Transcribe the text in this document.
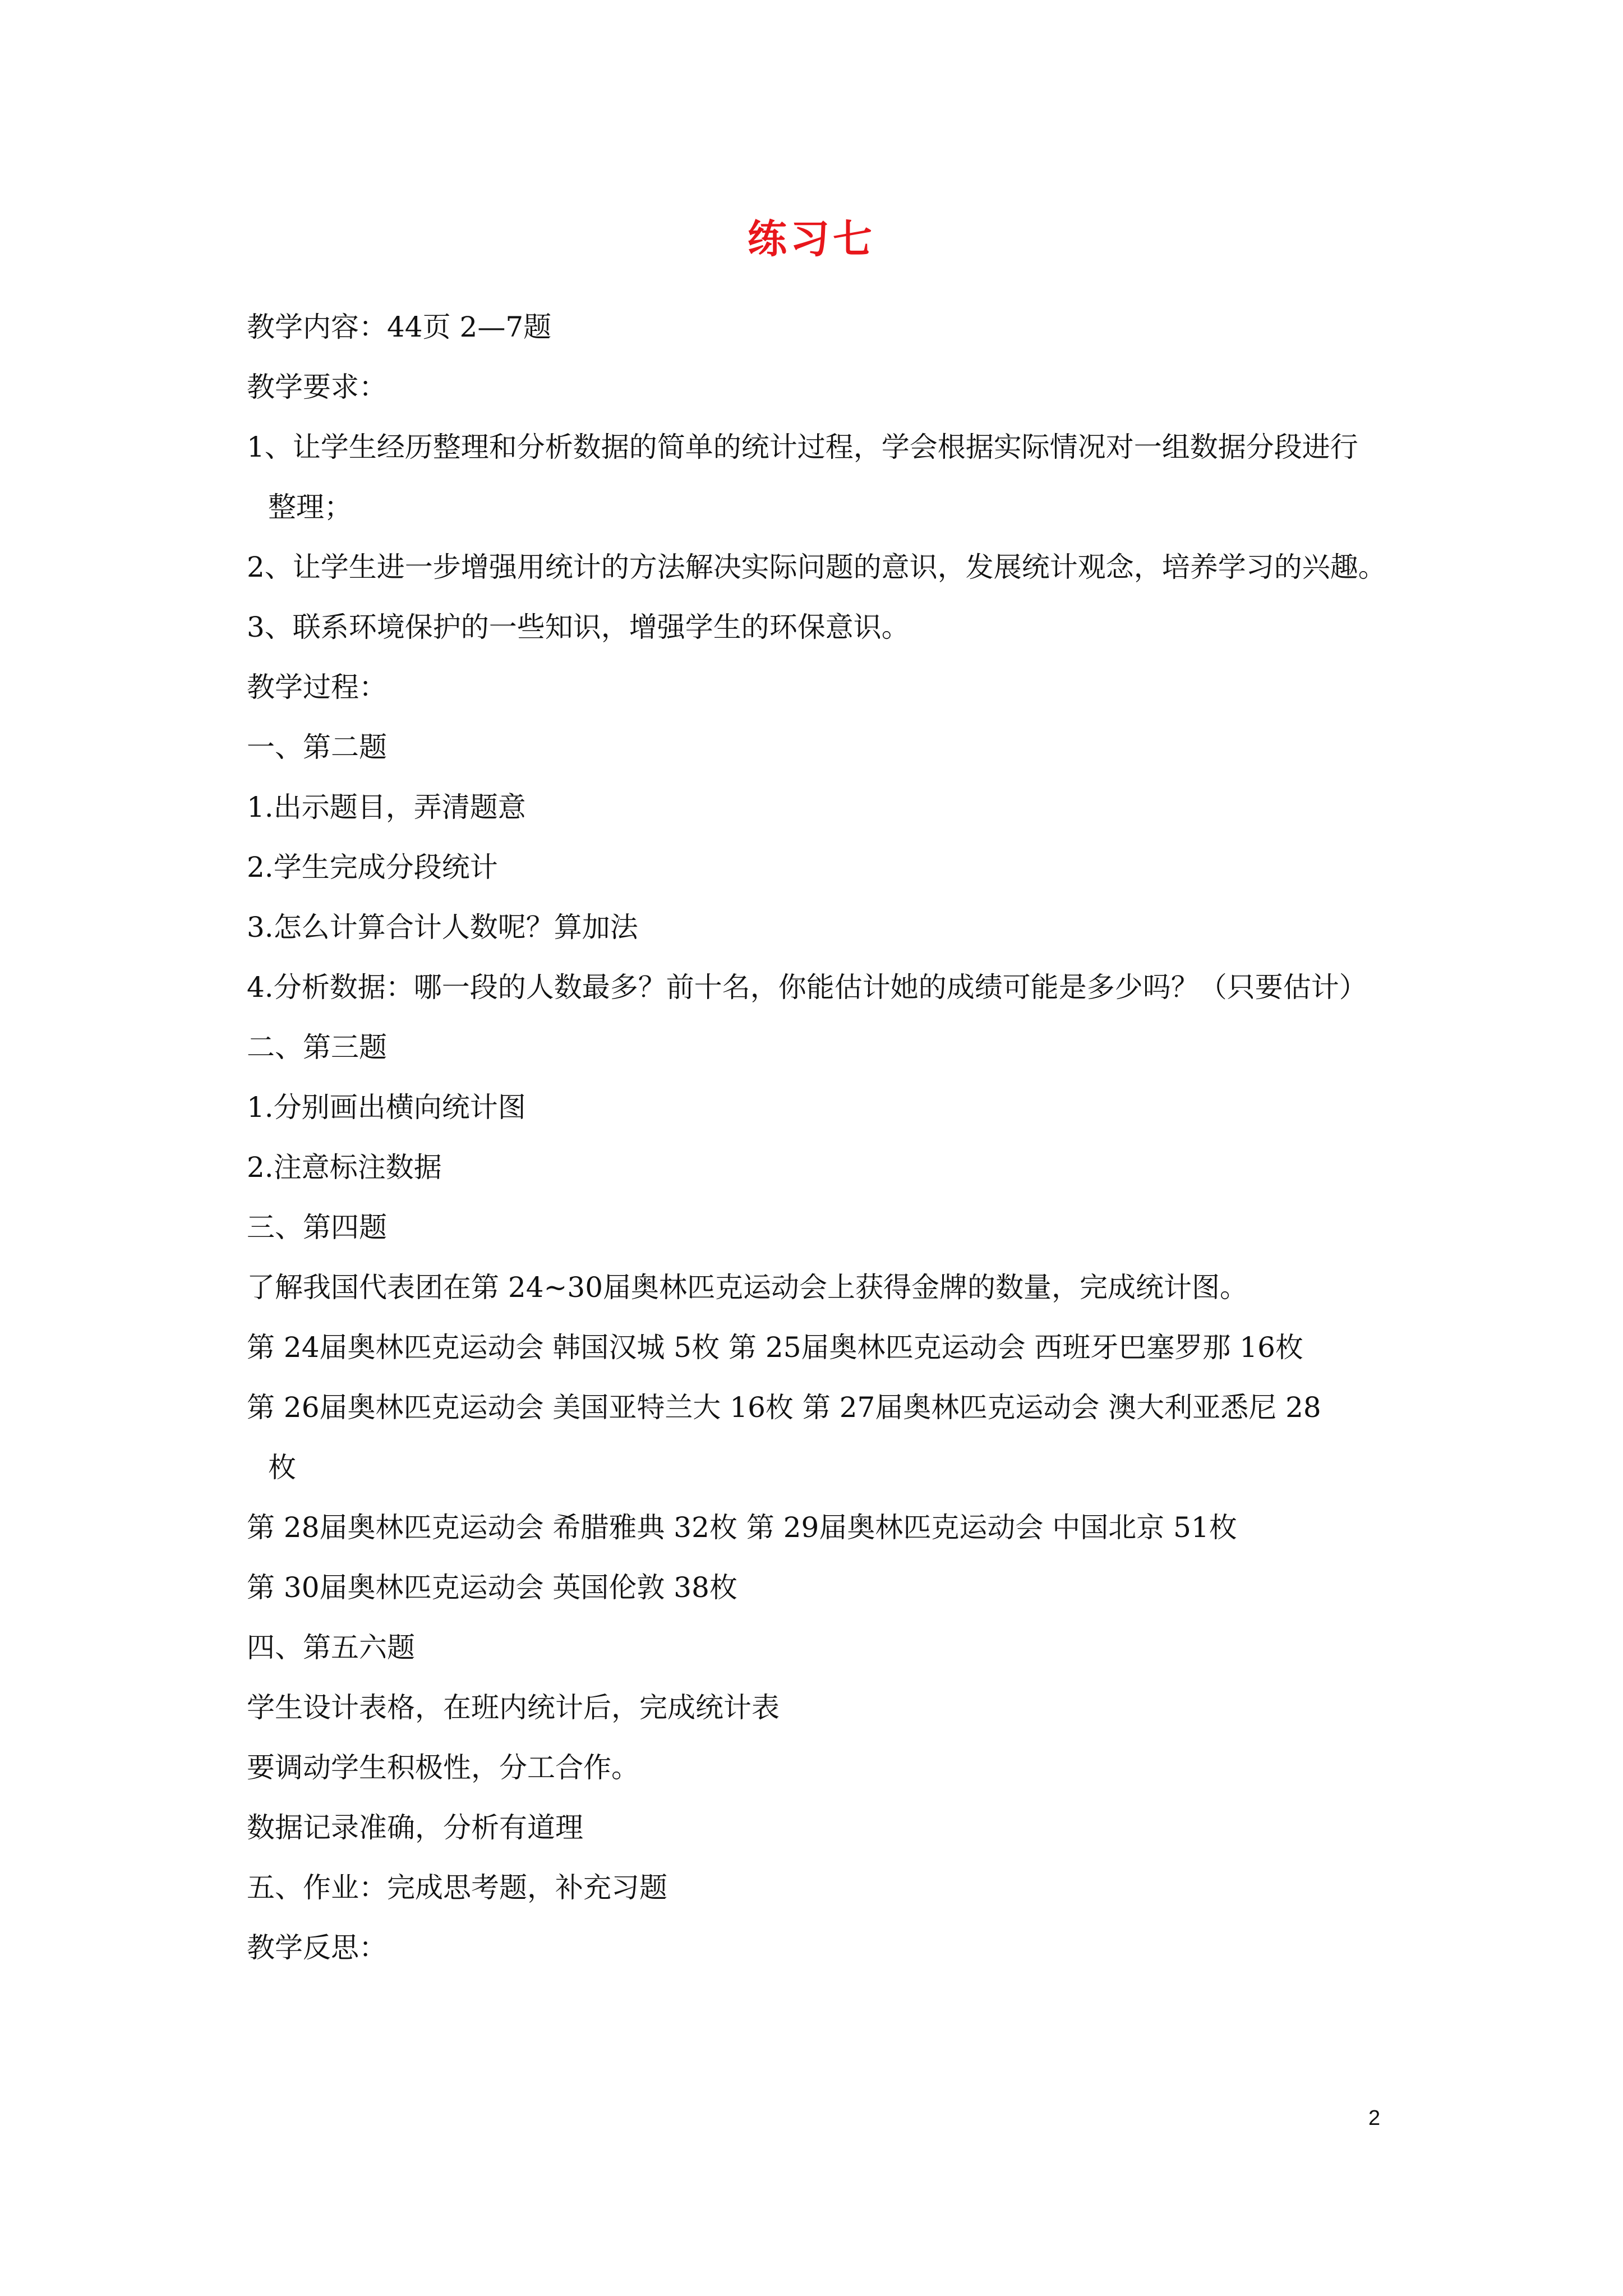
练习七
教学内容：44页 2—7题
教学要求：
1、让学生经历整理和分析数据的简单的统计过程，学会根据实际情况对一组数据分段进行
整理；
2、让学生进一步增强用统计的方法解决实际问题的意识，发展统计观念，培养学习的兴趣。
3、联系环境保护的一些知识，增强学生的环保意识。
教学过程：
一、第二题
1.出示题目，弄清题意
2.学生完成分段统计
3.怎么计算合计人数呢？算加法
4.分析数据：哪一段的人数最多？前十名，你能估计她的成绩可能是多少吗？（只要估计）
二、第三题
1.分别画出横向统计图
2.注意标注数据
三、第四题
了解我国代表团在第 24~30届奥林匹克运动会上获得金牌的数量，完成统计图。
第 24届奥林匹克运动会 韩国汉城 5枚 第 25届奥林匹克运动会 西班牙巴塞罗那 16枚
第 26届奥林匹克运动会 美国亚特兰大 16枚 第 27届奥林匹克运动会 澳大利亚悉尼 28
枚
第 28届奥林匹克运动会 希腊雅典 32枚 第 29届奥林匹克运动会 中国北京 51枚
第 30届奥林匹克运动会 英国伦敦 38枚
四、第五六题
学生设计表格，在班内统计后，完成统计表
要调动学生积极性，分工合作。
数据记录准确，分析有道理
五、作业：完成思考题，补充习题
教学反思：
2
